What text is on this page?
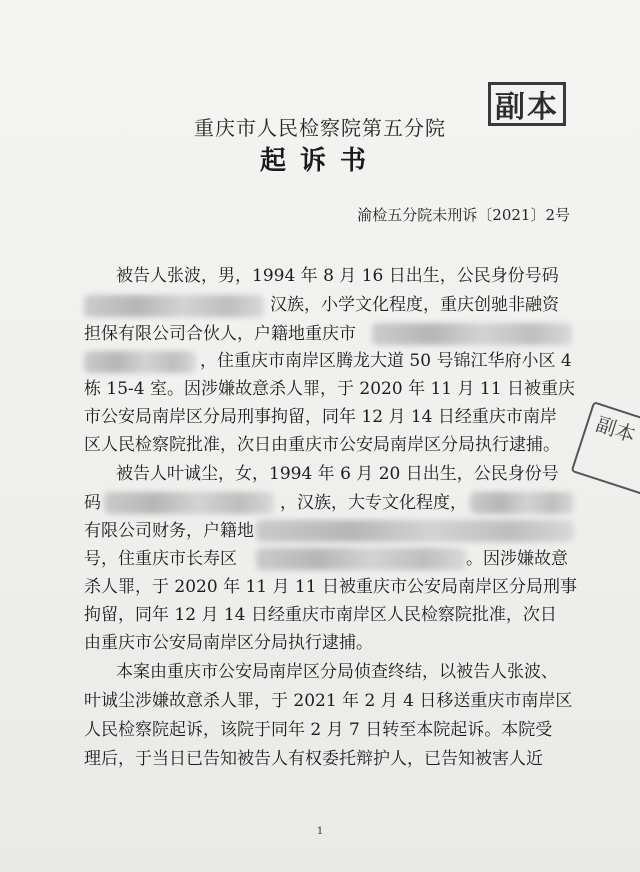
副本
副本
重庆市人民检察院第五分院
起诉书
渝检五分院未刑诉〔2021〕2号
被告人张波，男，1994 年 8 月 16 日出生，公民身份号码
汉族，小学文化程度，重庆创驰非融资
担保有限公司合伙人，户籍地重庆市
，住重庆市南岸区腾龙大道 50 号锦江华府小区 4
栋 15-4 室。因涉嫌故意杀人罪，于 2020 年 11 月 11 日被重庆
市公安局南岸区分局刑事拘留，同年 12 月 14 日经重庆市南岸
区人民检察院批准，次日由重庆市公安局南岸区分局执行逮捕。
被告人叶诚尘，女，1994 年 6 月 20 日出生，公民身份号
码	，汉族，大专文化程度，
有限公司财务，户籍地
号，住重庆市长寿区	。因涉嫌故意
杀人罪，于 2020 年 11 月 11 日被重庆市公安局南岸区分局刑事
拘留，同年 12 月 14 日经重庆市南岸区人民检察院批准，次日
由重庆市公安局南岸区分局执行逮捕。
本案由重庆市公安局南岸区分局侦查终结，以被告人张波、
叶诚尘涉嫌故意杀人罪，于 2021 年 2 月 4 日移送重庆市南岸区
人民检察院起诉，该院于同年 2 月 7 日转至本院起诉。本院受
理后，于当日已告知被告人有权委托辩护人，已告知被害人近
1
